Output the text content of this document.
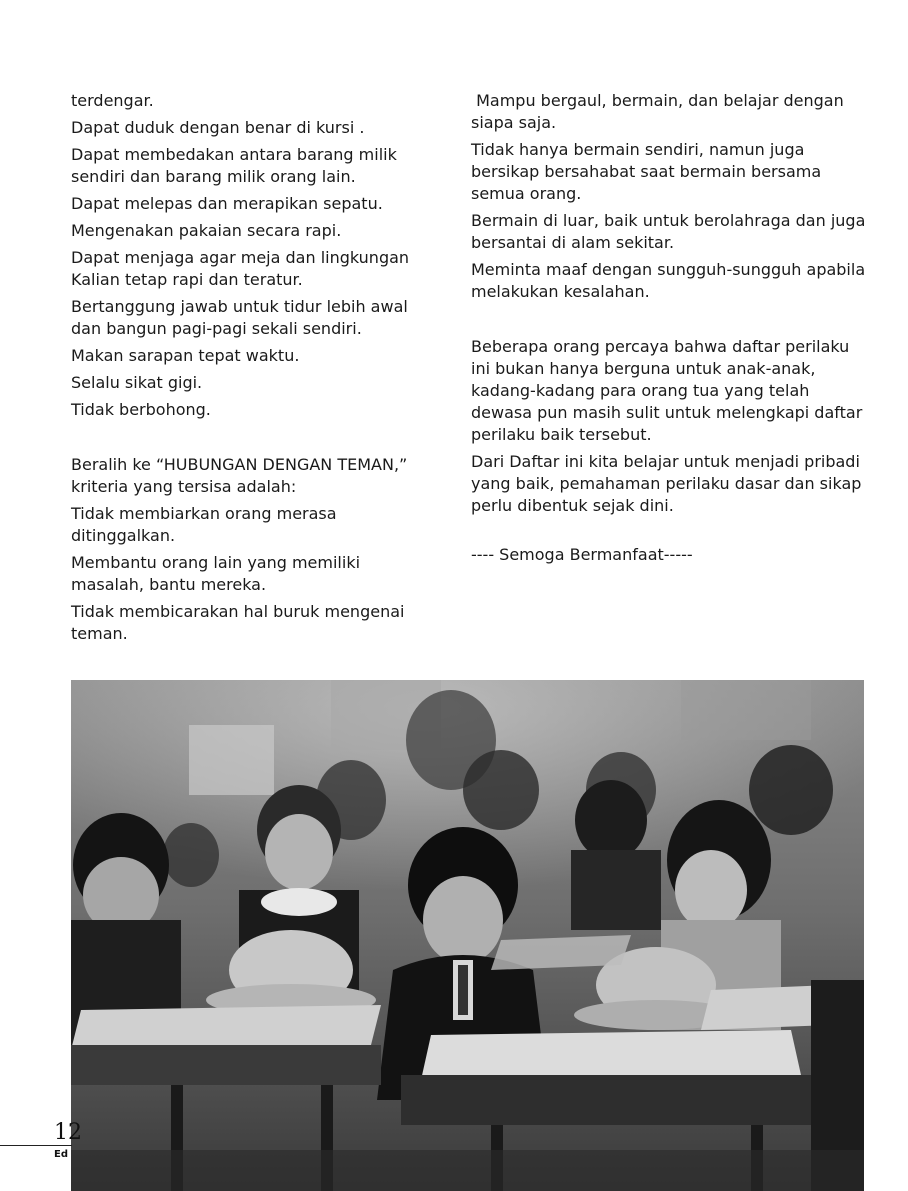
terdengar.
Dapat duduk dengan benar di kursi .
Dapat membedakan antara barang milik sendiri dan barang milik orang lain.
Dapat melepas dan merapikan sepatu.
Mengenakan pakaian secara rapi.
Dapat menjaga agar meja dan lingkungan Kalian tetap rapi dan teratur.
Bertanggung jawab untuk tidur lebih awal dan bangun pagi-pagi sekali sendiri.
Makan sarapan tepat waktu.
Selalu sikat gigi.
Tidak berbohong.
Beralih ke “HUBUNGAN DENGAN TEMAN,” kriteria yang tersisa adalah:
Tidak membiarkan orang merasa ditinggalkan.
Membantu orang lain yang memiliki masalah, bantu mereka.
Tidak membicarakan hal buruk mengenai teman.
Mampu bergaul, bermain, dan belajar dengan siapa saja.
Tidak hanya bermain sendiri, namun juga bersikap bersahabat saat bermain bersama semua orang.
Bermain di luar, baik untuk berolahraga dan juga bersantai di alam sekitar.
Meminta maaf dengan sungguh-sungguh apabila melakukan kesalahan.
Beberapa orang percaya bahwa daftar perilaku ini bukan hanya berguna untuk anak-anak, kadang-kadang para orang tua yang telah dewasa pun masih sulit untuk melengkapi daftar perilaku baik tersebut.
Dari Daftar ini kita belajar untuk menjadi pribadi yang baik, pemahaman perilaku dasar dan sikap perlu dibentuk sejak dini.
---- Semoga Bermanfaat-----
12
Ed
